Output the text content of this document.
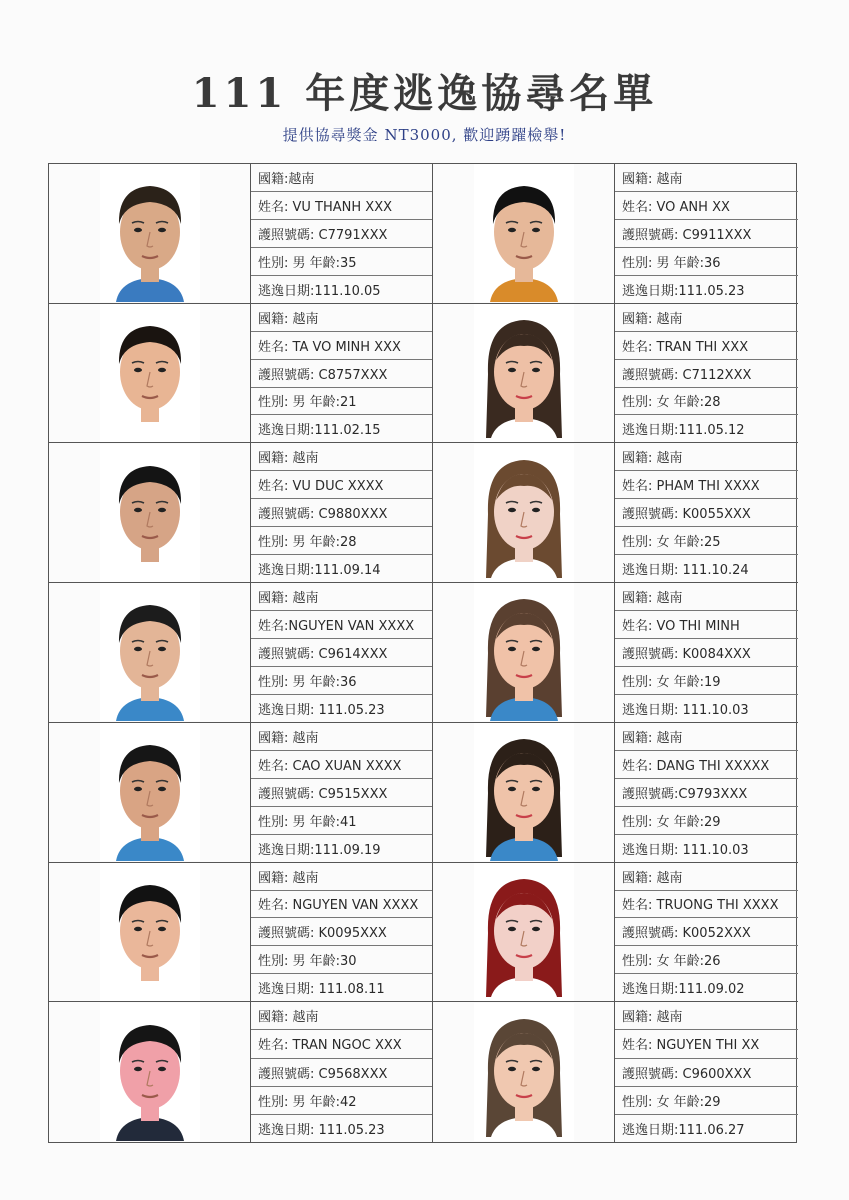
111 年度逃逸協尋名單
提供協尋獎金 NT3000, 歡迎踴躍檢舉!
國籍:越南
姓名: VU THANH XXX
護照號碼: C7791XXX
性別: 男 年齡:35
逃逸日期:111.10.05
國籍: 越南
姓名: VO ANH XX
護照號碼: C9911XXX
性別: 男 年齡:36
逃逸日期:111.05.23
國籍: 越南
姓名: TA VO MINH XXX
護照號碼: C8757XXX
性別: 男 年齡:21
逃逸日期:111.02.15
國籍: 越南
姓名: TRAN THI XXX
護照號碼: C7112XXX
性別: 女 年齡:28
逃逸日期:111.05.12
國籍: 越南
姓名: VU DUC XXXX
護照號碼: C9880XXX
性別: 男 年齡:28
逃逸日期:111.09.14
國籍: 越南
姓名: PHAM THI XXXX
護照號碼: K0055XXX
性別: 女 年齡:25
逃逸日期: 111.10.24
國籍: 越南
姓名:NGUYEN VAN XXXX
護照號碼: C9614XXX
性別: 男 年齡:36
逃逸日期: 111.05.23
國籍: 越南
姓名: VO THI MINH
護照號碼: K0084XXX
性別: 女 年齡:19
逃逸日期: 111.10.03
國籍: 越南
姓名: CAO XUAN XXXX
護照號碼: C9515XXX
性別: 男 年齡:41
逃逸日期:111.09.19
國籍: 越南
姓名: DANG THI XXXXX
護照號碼:C9793XXX
性別: 女 年齡:29
逃逸日期: 111.10.03
國籍: 越南
姓名: NGUYEN VAN XXXX
護照號碼: K0095XXX
性別: 男 年齡:30
逃逸日期: 111.08.11
國籍: 越南
姓名: TRUONG THI XXXX
護照號碼: K0052XXX
性別: 女 年齡:26
逃逸日期:111.09.02
國籍: 越南
姓名: TRAN NGOC XXX
護照號碼: C9568XXX
性別: 男 年齡:42
逃逸日期: 111.05.23
國籍: 越南
姓名: NGUYEN THI XX
護照號碼: C9600XXX
性別: 女 年齡:29
逃逸日期:111.06.27
